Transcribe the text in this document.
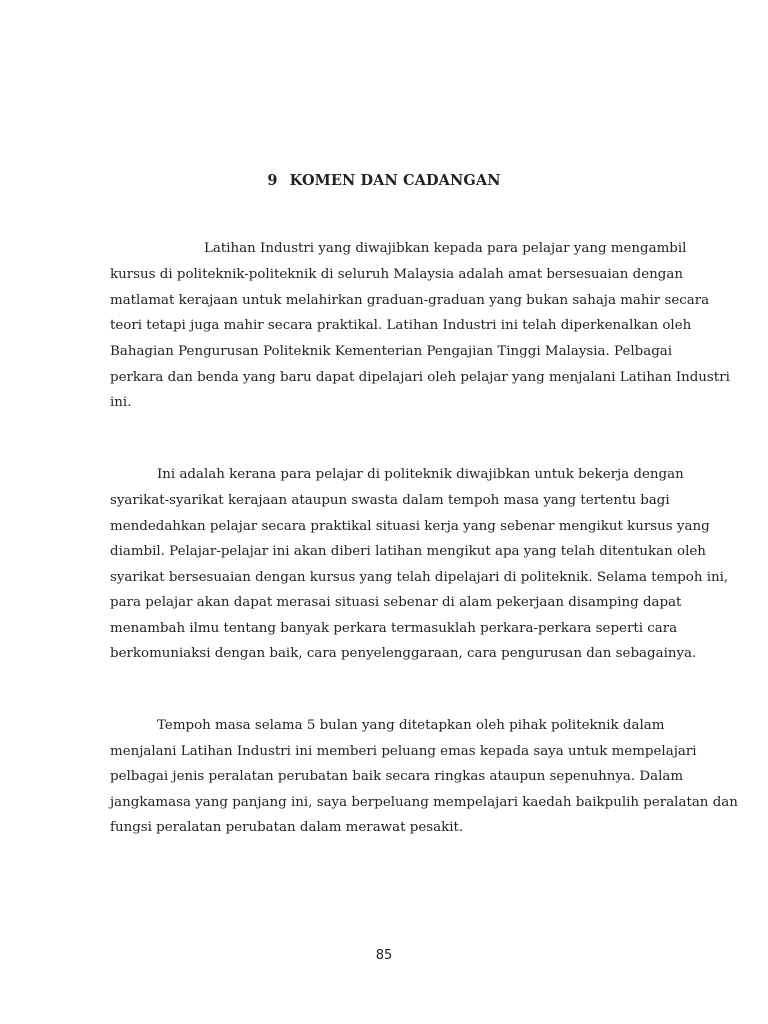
9 KOMEN DAN CADANGAN
Latihan Industri yang diwajibkan kepada para pelajar yang mengambil
kursus di politeknik-politeknik di seluruh Malaysia adalah amat bersesuaian dengan
matlamat kerajaan untuk melahirkan graduan-graduan yang bukan sahaja mahir secara
teori tetapi juga mahir secara praktikal. Latihan Industri ini telah diperkenalkan oleh
Bahagian Pengurusan Politeknik Kementerian Pengajian Tinggi Malaysia. Pelbagai
perkara dan benda yang baru dapat dipelajari oleh pelajar yang menjalani Latihan Industri
ini.
Ini adalah kerana para pelajar di politeknik diwajibkan untuk bekerja dengan
syarikat-syarikat kerajaan ataupun swasta dalam tempoh masa yang tertentu bagi
mendedahkan pelajar secara praktikal situasi kerja yang sebenar mengikut kursus yang
diambil. Pelajar-pelajar ini akan diberi latihan mengikut apa yang telah ditentukan oleh
syarikat bersesuaian dengan kursus yang telah dipelajari di politeknik. Selama tempoh ini,
para pelajar akan dapat merasai situasi sebenar di alam pekerjaan disamping dapat
menambah ilmu tentang banyak perkara termasuklah perkara-perkara seperti cara
berkomuniaksi dengan baik, cara penyelenggaraan, cara pengurusan dan sebagainya.
Tempoh masa selama 5 bulan yang ditetapkan oleh pihak politeknik dalam
menjalani Latihan Industri ini memberi peluang emas kepada saya untuk mempelajari
pelbagai jenis peralatan perubatan baik secara ringkas ataupun sepenuhnya. Dalam
jangkamasa yang panjang ini, saya berpeluang mempelajari kaedah baikpulih peralatan dan
fungsi peralatan perubatan dalam merawat pesakit.
85
